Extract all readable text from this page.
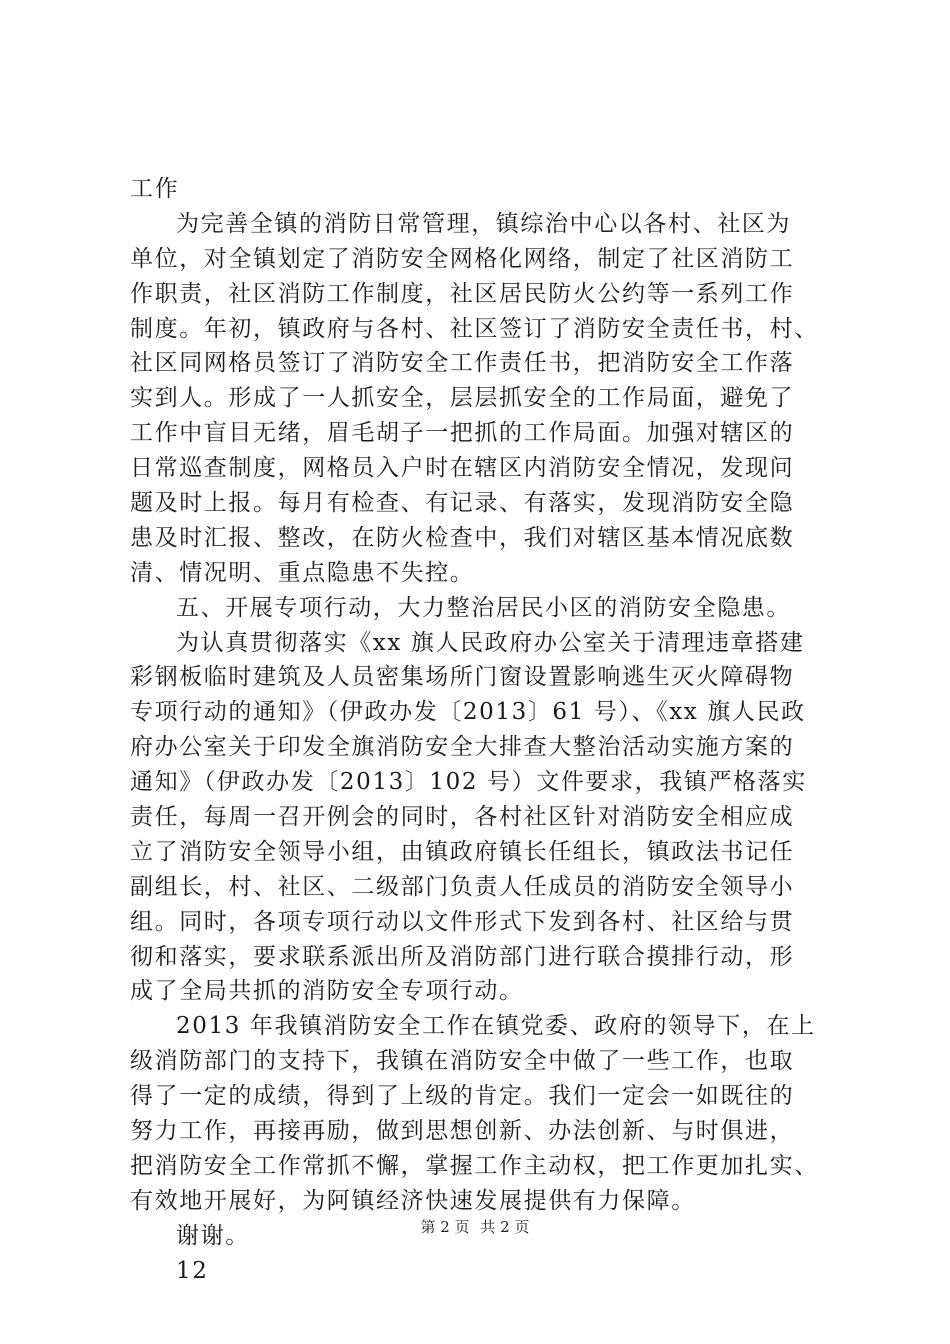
工作
为完善全镇的消防日常管理，镇综治中心以各村、社区为
单位，对全镇划定了消防安全网格化网络，制定了社区消防工
作职责，社区消防工作制度，社区居民防火公约等一系列工作
制度。年初，镇政府与各村、社区签订了消防安全责任书，村、
社区同网格员签订了消防安全工作责任书，把消防安全工作落
实到人。形成了一人抓安全，层层抓安全的工作局面，避免了
工作中盲目无绪，眉毛胡子一把抓的工作局面。加强对辖区的
日常巡查制度，网格员入户时在辖区内消防安全情况，发现问
题及时上报。每月有检查、有记录、有落实，发现消防安全隐
患及时汇报、整改，在防火检查中，我们对辖区基本情况底数
清、情况明、重点隐患不失控。
五、开展专项行动，大力整治居民小区的消防安全隐患。
为认真贯彻落实《xx 旗人民政府办公室关于清理违章搭建
彩钢板临时建筑及人员密集场所门窗设置影响逃生灭火障碍物
专项行动的通知》（伊政办发〔2013〕61 号）、《xx 旗人民政
府办公室关于印发全旗消防安全大排查大整治活动实施方案的
通知》（伊政办发〔2013〕102 号）文件要求，我镇严格落实
责任，每周一召开例会的同时，各村社区针对消防安全相应成
立了消防安全领导小组，由镇政府镇长任组长，镇政法书记任
副组长，村、社区、二级部门负责人任成员的消防安全领导小
组。同时，各项专项行动以文件形式下发到各村、社区给与贯
彻和落实，要求联系派出所及消防部门进行联合摸排行动，形
成了全局共抓的消防安全专项行动。
2013 年我镇消防安全工作在镇党委、政府的领导下，在上
级消防部门的支持下，我镇在消防安全中做了一些工作，也取
得了一定的成绩，得到了上级的肯定。我们一定会一如既往的
努力工作，再接再励，做到思想创新、办法创新、与时俱进，
把消防安全工作常抓不懈，掌握工作主动权，把工作更加扎实、
有效地开展好，为阿镇经济快速发展提供有力保障。
谢谢。
12
第 2 页 共 2 页
